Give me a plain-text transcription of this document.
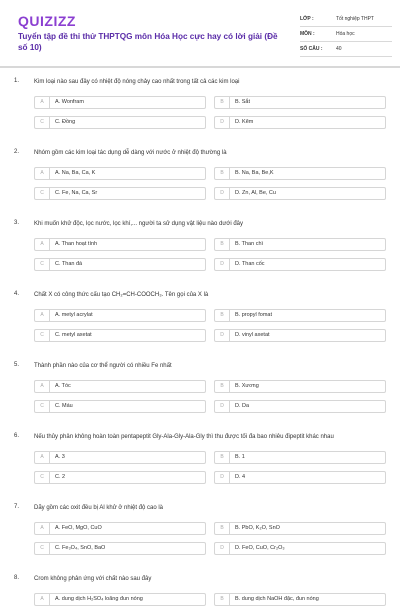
QUIZIZZ
Tuyển tập đề thi thử THPTQG môn Hóa Học cực hay có lời giải (Đề số 10)
LỚP :	Tốt nghiệp THPT
MÔN :	Hóa học
SỐ CÂU :	40
1. Kim loại nào sau đây có nhiệt độ nóng chảy cao nhất trong tất cả các kim loại
A	A. Wonfram	B	B. Sắt
C	C. Đồng	D	D. Kẽm
2. Nhóm gồm các kim loại tác dụng dễ dàng với nước ở nhiệt độ thường là
A	A. Na, Ba, Ca, K	B	B. Na, Ba, Be,K
C	C. Fe, Na, Ca, Sr	D	D. Zn, Al, Be, Cu
3. Khi muốn khử độc, lọc nước, lọc khí,... người ta sử dụng vật liệu nào dưới đây
A	A. Than hoạt tính	B	B. Than chì
C	C. Than đá	D	D. Than cốc
4. Chất X có công thức cấu tạo CH₂=CH-COOCH₃. Tên gọi của X là
A	A. metyl acrylat	B	B. propyl fomat
C	C. metyl axetat	D	D. vinyl axetat
5. Thành phần nào của cơ thể người có nhiều Fe nhất
A	A. Tóc	B	B. Xương
C	C. Máu	D	D. Da
6. Nếu thủy phân không hoàn toàn pentapeptit Gly-Ala-Gly-Ala-Gly thì thu được tối đa bao nhiêu đipeptit khác nhau
A	A. 3	B	B. 1
C	C. 2	D	D. 4
7. Dãy gồm các oxit đều bị Al khử ở nhiệt độ cao là
A	A. FeO, MgO, CuO	B	B. PbO, K₂O, SnO
C	C. Fe₃O₄, SnO, BaO	D	D. FeO, CuO, Cr₂O₃
8. Crom không phản ứng với chất nào sau đây
A	A. dung dịch H₂SO₄ loãng đun nóng	B	B. dung dịch NaOH đặc, đun nóng
